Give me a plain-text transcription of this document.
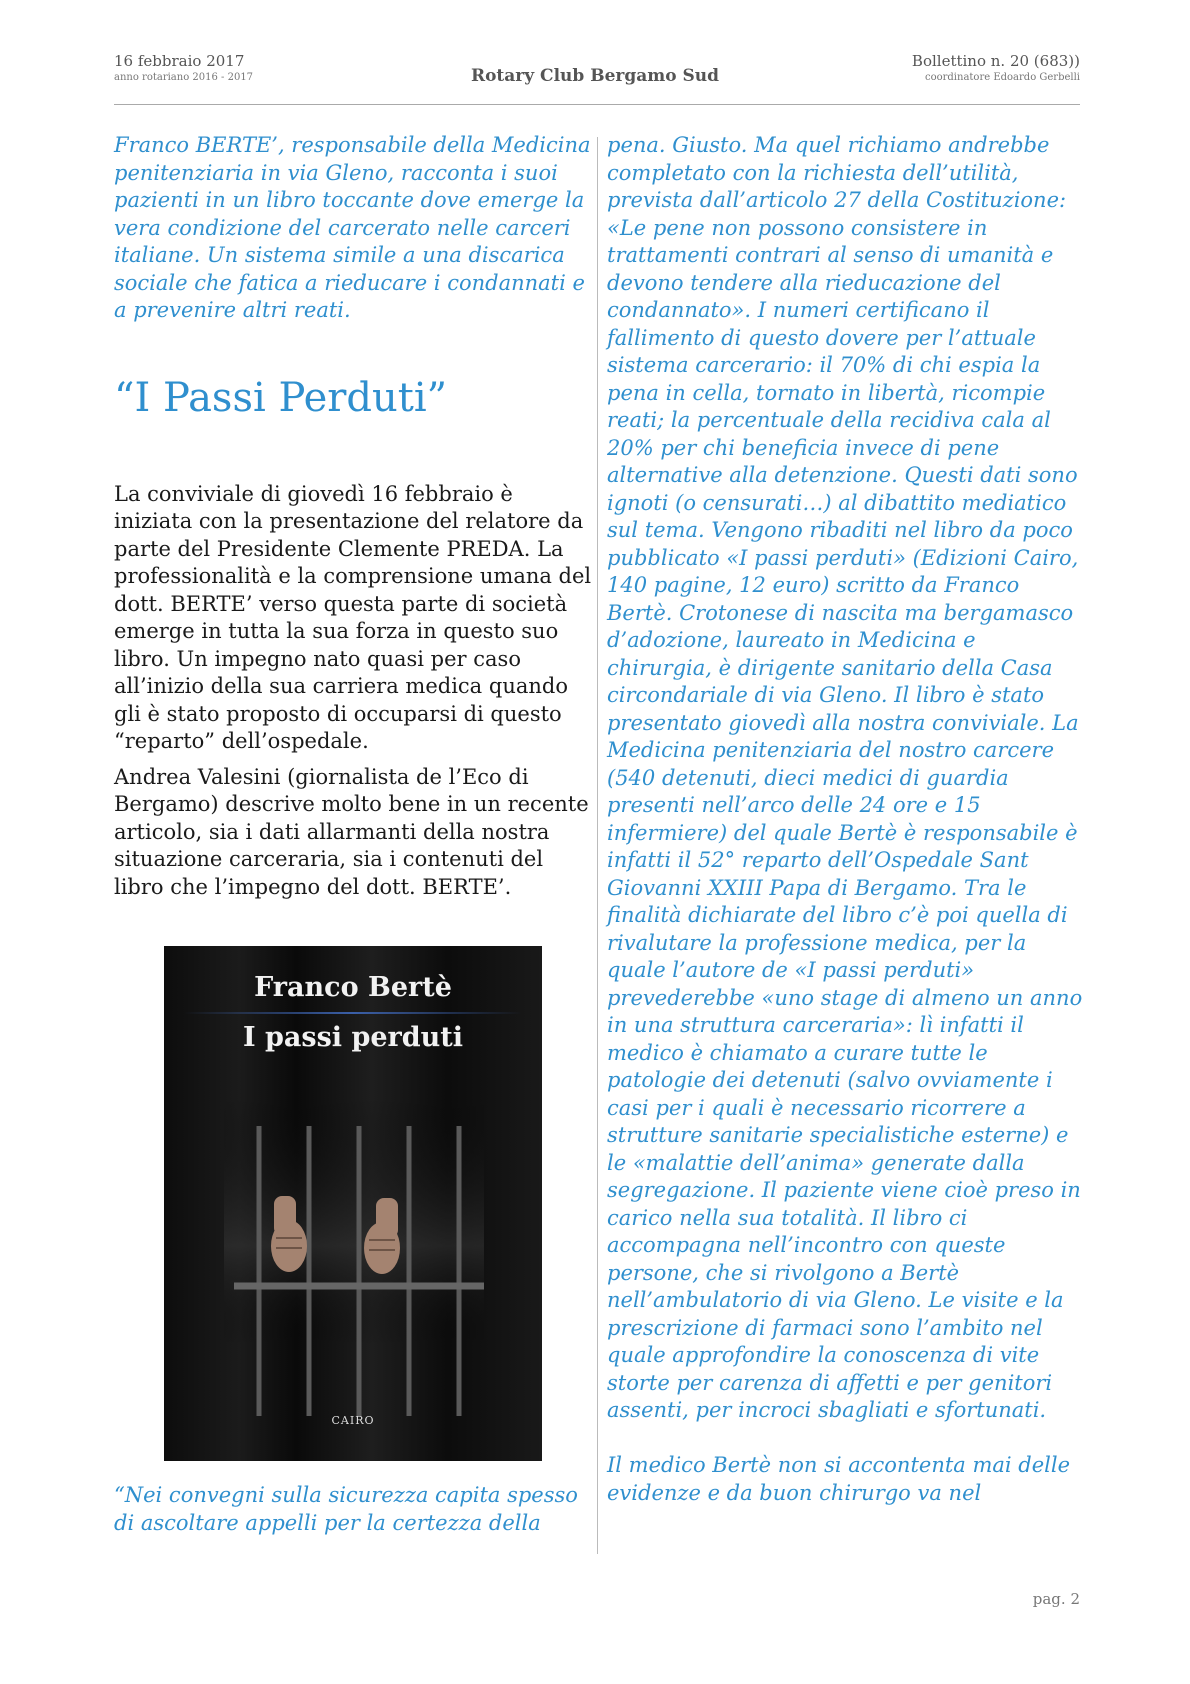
16 febbraio 2017
anno rotariano 2016 - 2017	Rotary Club Bergamo Sud
Bollettino n. 20 (683))
coordinatore Edoardo Gerbelli

Franco BERTE’, responsabile della Medicina penitenziaria in via Gleno, racconta i suoi pazienti in un libro toccante dove emerge la vera condizione del carcerato nelle carceri italiane. Un sistema simile a una discarica sociale che fatica a rieducare i condannati e a prevenire altri reati.

“I Passi Perduti”

La conviviale di giovedì 16 febbraio è iniziata con la presentazione del relatore da parte del Presidente Clemente PREDA. La professionalità e la comprensione umana del dott. BERTE’ verso questa parte di società emerge in tutta la sua forza in questo suo libro. Un impegno nato quasi per caso all’inizio della sua carriera medica quando gli è stato proposto di occuparsi di questo “reparto” dell’ospedale.

Andrea Valesini (giornalista de l’Eco di Bergamo) descrive molto bene in un recente articolo, sia i dati allarmanti della nostra situazione carceraria, sia i contenuti del libro che l’impegno del dott. BERTE’.

Franco Bertè
I passi perduti
CAIRO

“Nei convegni sulla sicurezza capita spesso di ascoltare appelli per la certezza della

pena. Giusto. Ma quel richiamo andrebbe completato con la richiesta dell’utilità, prevista dall’articolo 27 della Costituzione: «Le pene non possono consistere in trattamenti contrari al senso di umanità e devono tendere alla rieducazione del condannato». I numeri certificano il fallimento di questo dovere per l’attuale sistema carcerario: il 70% di chi espia la pena in cella, tornato in libertà, ricompie reati; la percentuale della recidiva cala al 20% per chi beneficia invece di pene alternative alla detenzione. Questi dati sono ignoti (o censurati…) al dibattito mediatico sul tema. Vengono ribaditi nel libro da poco pubblicato «I passi perduti» (Edizioni Cairo, 140 pagine, 12 euro) scritto da Franco Bertè. Crotonese di nascita ma bergamasco d’adozione, laureato in Medicina e chirurgia, è dirigente sanitario della Casa circondariale di via Gleno. Il libro è stato presentato giovedì alla nostra conviviale. La Medicina penitenziaria del nostro carcere (540 detenuti, dieci medici di guardia presenti nell’arco delle 24 ore e 15 infermiere) del quale Bertè è responsabile è infatti il 52° reparto dell’Ospedale Sant Giovanni XXIII Papa di Bergamo. Tra le finalità dichiarate del libro c’è poi quella di rivalutare la professione medica, per la quale l’autore de «I passi perduti» prevederebbe «uno stage di almeno un anno in una struttura carceraria»: lì infatti il medico è chiamato a curare tutte le patologie dei detenuti (salvo ovviamente i casi per i quali è necessario ricorrere a strutture sanitarie specialistiche esterne) e le «malattie dell’anima» generate dalla segregazione. Il paziente viene cioè preso in carico nella sua totalità. Il libro ci accompagna nell’incontro con queste persone, che si rivolgono a Bertè nell’ambulatorio di via Gleno. Le visite e la prescrizione di farmaci sono l’ambito nel quale approfondire la conoscenza di vite storte per carenza di affetti e per genitori assenti, per incroci sbagliati e sfortunati.

Il medico Bertè non si accontenta mai delle evidenze e da buon chirurgo va nel

pag. 2
